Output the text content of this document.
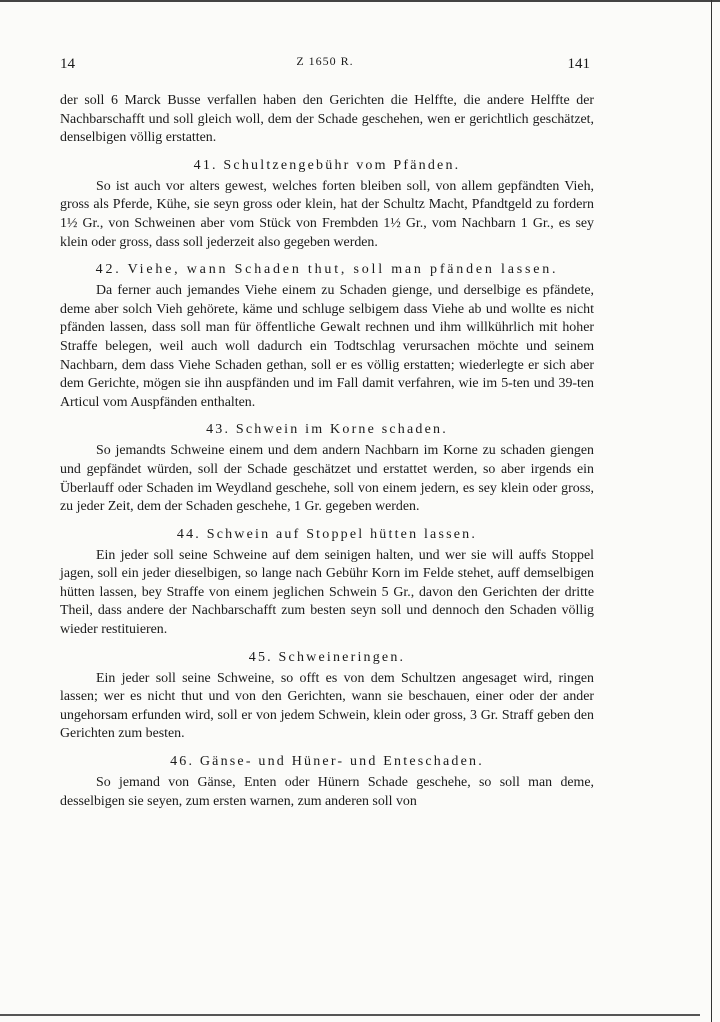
14	Z 1650 R.	141

der soll 6 Marck Busse verfallen haben den Gerichten die Helffte, die andere Helffte der Nachbarschafft und soll gleich woll, dem der Schade geschehen, wen er gerichtlich geschätzet, denselbigen völlig erstatten.

41. Schultzengebühr vom Pfänden.

So ist auch vor alters gewest, welches forten bleiben soll, von allem gepfändten Vieh, gross als Pferde, Kühe, sie seyn gross oder klein, hat der Schultz Macht, Pfandtgeld zu fordern 1½ Gr., von Schweinen aber vom Stück von Frembden 1½ Gr., vom Nachbarn 1 Gr., es sey klein oder gross, dass soll jederzeit also gegeben werden.

42. Viehe, wann Schaden thut, soll man pfänden lassen.

Da ferner auch jemandes Viehe einem zu Schaden gienge, und derselbige es pfändete, deme aber solch Vieh gehörete, käme und schluge selbigem dass Viehe ab und wollte es nicht pfänden lassen, dass soll man für öffentliche Gewalt rechnen und ihm willkührlich mit hoher Straffe belegen, weil auch woll dadurch ein Todtschlag verursachen möchte und seinem Nachbarn, dem dass Viehe Schaden gethan, soll er es völlig erstatten; wiederlegte er sich aber dem Gerichte, mögen sie ihn auspfänden und im Fall damit verfahren, wie im 5-ten und 39-ten Articul vom Auspfänden enthalten.

43. Schwein im Korne schaden.

So jemandts Schweine einem und dem andern Nachbarn im Korne zu schaden giengen und gepfändet würden, soll der Schade geschätzet und erstattet werden, so aber irgends ein Überlauff oder Schaden im Weydland geschehe, soll von einem jedern, es sey klein oder gross, zu jeder Zeit, dem der Schaden geschehe, 1 Gr. gegeben werden.

44. Schwein auf Stoppel hütten lassen.

Ein jeder soll seine Schweine auf dem seinigen halten, und wer sie will auffs Stoppel jagen, soll ein jeder dieselbigen, so lange nach Gebühr Korn im Felde stehet, auff demselbigen hütten lassen, bey Straffe von einem jeglichen Schwein 5 Gr., davon den Gerichten der dritte Theil, dass andere der Nachbarschafft zum besten seyn soll und dennoch den Schaden völlig wieder restituieren.

45. Schweineringen.

Ein jeder soll seine Schweine, so offt es von dem Schultzen angesaget wird, ringen lassen; wer es nicht thut und von den Gerichten, wann sie beschauen, einer oder der ander ungehorsam erfunden wird, soll er von jedem Schwein, klein oder gross, 3 Gr. Straff geben den Gerichten zum besten.

46. Gänse- und Hüner- und Enteschaden.

So jemand von Gänse, Enten oder Hünern Schade geschehe, so soll man deme, desselbigen sie seyen, zum ersten warnen, zum anderen soll von
